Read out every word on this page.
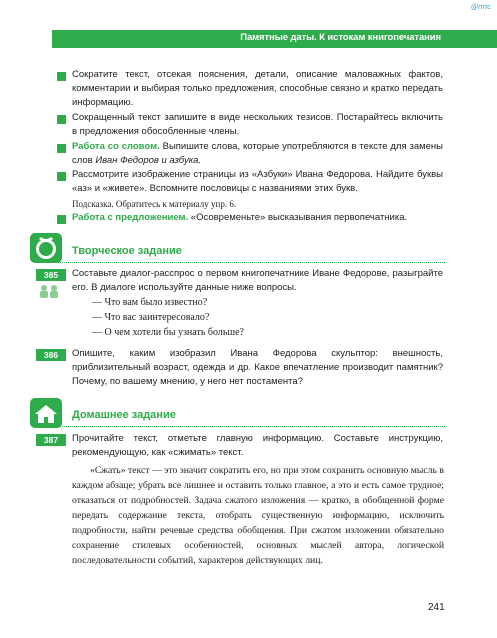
@ппс
Памятные даты. К истокам книгопечатания
Сократите текст, отсекая пояснения, детали, описание маловажных фактов, комментарии и выбирая только предложения, способные связно и кратко передать информацию.
Сокращенный текст запишите в виде нескольких тезисов. Постарайтесь включить в предложения обособленные члены.
Работа со словом. Выпишите слова, которые употребляются в тексте для замены слов Иван Федоров и азбука.
Рассмотрите изображение страницы из «Азбуки» Ивана Федорова. Найдите буквы «аз» и «живете». Вспомните пословицы с названиями этих букв.
Подсказка. Обратитесь к материалу упр. 6.
Работа с предложением. «Осовременьте» высказывания первопечатника.
Творческое задание
385	Составьте диалог-расспрос о первом книгопечатнике Иване Федорове, разыграйте его. В диалоге используйте данные ниже вопросы.
— Что вам было известно?
— Что вас заинтересовало?
— О чем хотели бы узнать больше?
386	Опишите, каким изобразил Ивана Федорова скульптор: внешность, приблизительный возраст, одежда и др. Какое впечатление производит памятник? Почему, по вашему мнению, у него нет постамента?
Домашнее задание
387	Прочитайте текст, отметьте главную информацию. Составьте инструкцию, рекомендующую, как «сжимать» текст.
«Сжать» текст — это значит сократить его, но при этом сохранить основную мысль в каждом абзаце; убрать все лишнее и оставить только главное, а это и есть самое трудное; отказаться от подробностей. Задача сжатого изложения — кратко, в обобщенной форме передать содержание текста, отобрать существенную информацию, исключить подробности, найти речевые средства обобщения. При сжатом изложении обязательно сохранение стилевых особенностей, основных мыслей автора, логической последовательности событий, характеров действующих лиц.
241
